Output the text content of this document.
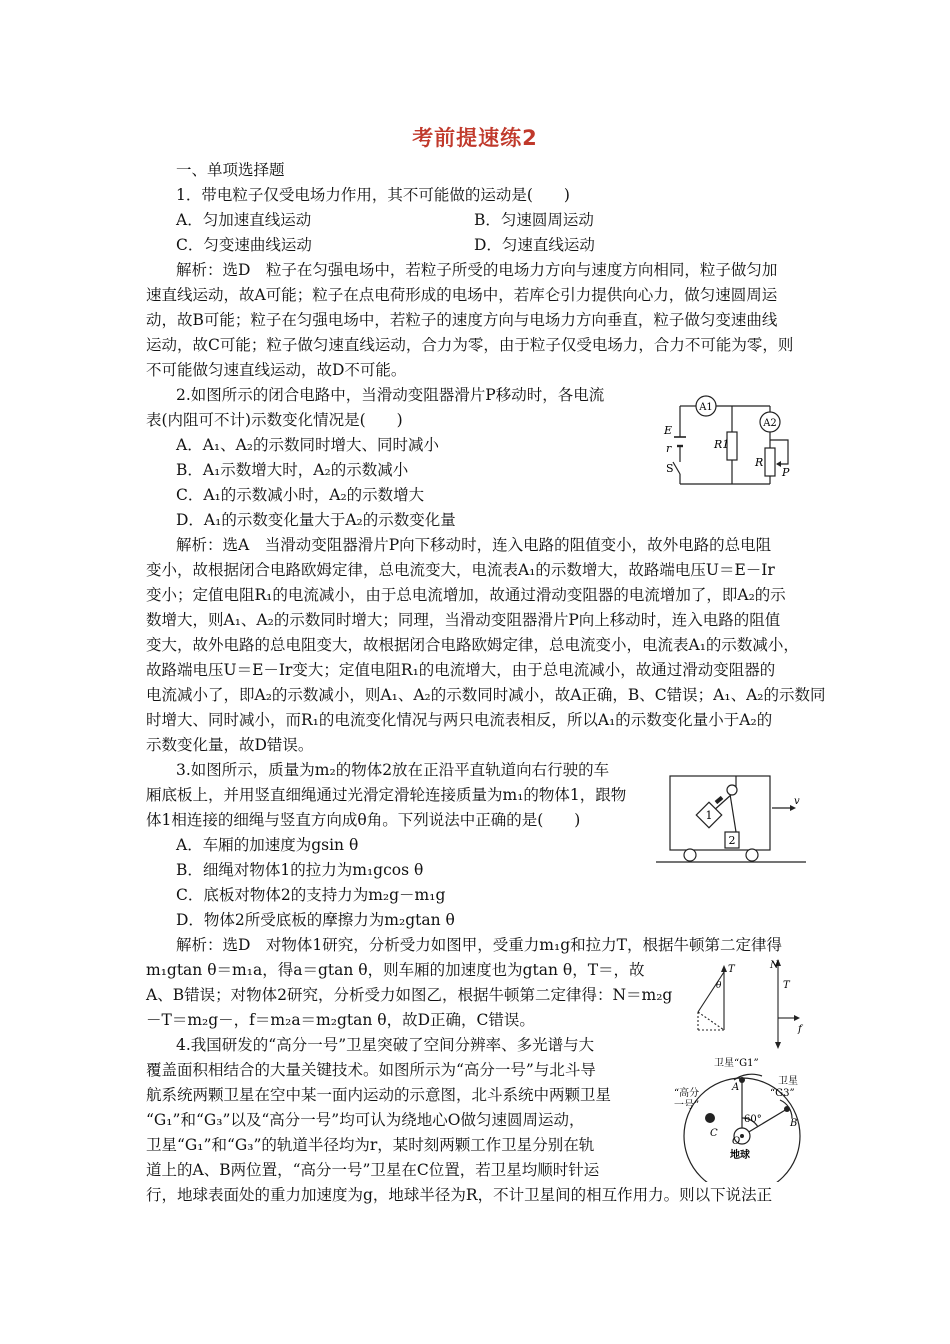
考前提速练2
一、单项选择题
1．带电粒子仅受电场力作用，其不可能做的运动是(　　)
A．匀加速直线运动	B．匀速圆周运动
C．匀变速曲线运动	D．匀速直线运动
解析：选D　粒子在匀强电场中，若粒子所受的电场力方向与速度方向相同，粒子做匀加
速直线运动，故A可能；粒子在点电荷形成的电场中，若库仑引力提供向心力，做匀速圆周运
动，故B可能；粒子在匀强电场中，若粒子的速度方向与电场力方向垂直，粒子做匀变速曲线
运动，故C可能；粒子做匀速直线运动，合力为零，由于粒子仅受电场力，合力不可能为零，则
不可能做匀速直线运动，故D不可能。
2.如图所示的闭合电路中，当滑动变阻器滑片P移动时，各电流
表(内阻可不计)示数变化情况是(　　)
A．A₁、A₂的示数同时增大、同时减小
B．A₁示数增大时，A₂的示数减小
C．A₁的示数减小时，A₂的示数增大
D．A₁的示数变化量大于A₂的示数变化量
A1
A2
E
r
S
R1
R
P
解析：选A　当滑动变阻器滑片P向下移动时，连入电路的阻值变小，故外电路的总电阻
变小，故根据闭合电路欧姆定律，总电流变大，电流表A₁的示数增大，故路端电压U＝E－Ir
变小；定值电阻R₁的电流减小，由于总电流增加，故通过滑动变阻器的电流增加了，即A₂的示
数增大，则A₁、A₂的示数同时增大；同理，当滑动变阻器滑片P向上移动时，连入电路的阻值
变大，故外电路的总电阻变大，故根据闭合电路欧姆定律，总电流变小，电流表A₁的示数减小，
故路端电压U＝E－Ir变大；定值电阻R₁的电流增大，由于总电流减小，故通过滑动变阻器的
电流减小了，即A₂的示数减小，则A₁、A₂的示数同时减小，故A正确，B、C错误；A₁、A₂的示数同
时增大、同时减小，而R₁的电流变化情况与两只电流表相反，所以A₁的示数变化量小于A₂的
示数变化量，故D错误。
3.如图所示，质量为m₂的物体2放在正沿平直轨道向右行驶的车
厢底板上，并用竖直细绳通过光滑定滑轮连接质量为m₁的物体1，跟物
体1相连接的细绳与竖直方向成θ角。下列说法中正确的是(　　)
A．车厢的加速度为gsin θ
B．细绳对物体1的拉力为m₁gcos θ
C．底板对物体2的支持力为m₂g－m₁g
D．物体2所受底板的摩擦力为m₂gtan θ
1
2
v
解析：选D　对物体1研究，分析受力如图甲，受重力m₁g和拉力T，根据牛顿第二定律得
m₁gtan θ＝m₁a，得a＝gtan θ，则车厢的加速度也为gtan θ，T＝，故
A、B错误；对物体2研究，分析受力如图乙，根据牛顿第二定律得：N＝m₂g
－T＝m₂g－，f＝m₂a＝m₂gtan θ，故D正确，C错误。
T
θ
N
T
f
4.我国研发的“高分一号”卫星突破了空间分辨率、多光谱与大
覆盖面积相结合的大量关键技术。如图所示为“高分一号”与北斗导
航系统两颗卫星在空中某一面内运动的示意图，北斗系统中两颗卫星
“G₁”和“G₃”以及“高分一号”均可认为绕地心O做匀速圆周运动，
卫星“G₁”和“G₃”的轨道半径均为r，某时刻两颗工作卫星分别在轨
道上的A、B两位置，“高分一号”卫星在C位置，若卫星均顺时针运
行，地球表面处的重力加速度为g，地球半径为R，不计卫星间的相互作用力。则以下说法正
卫星“G1”
卫星
“G3”
“高分
一号”
60°
A
B
C
O
地球
